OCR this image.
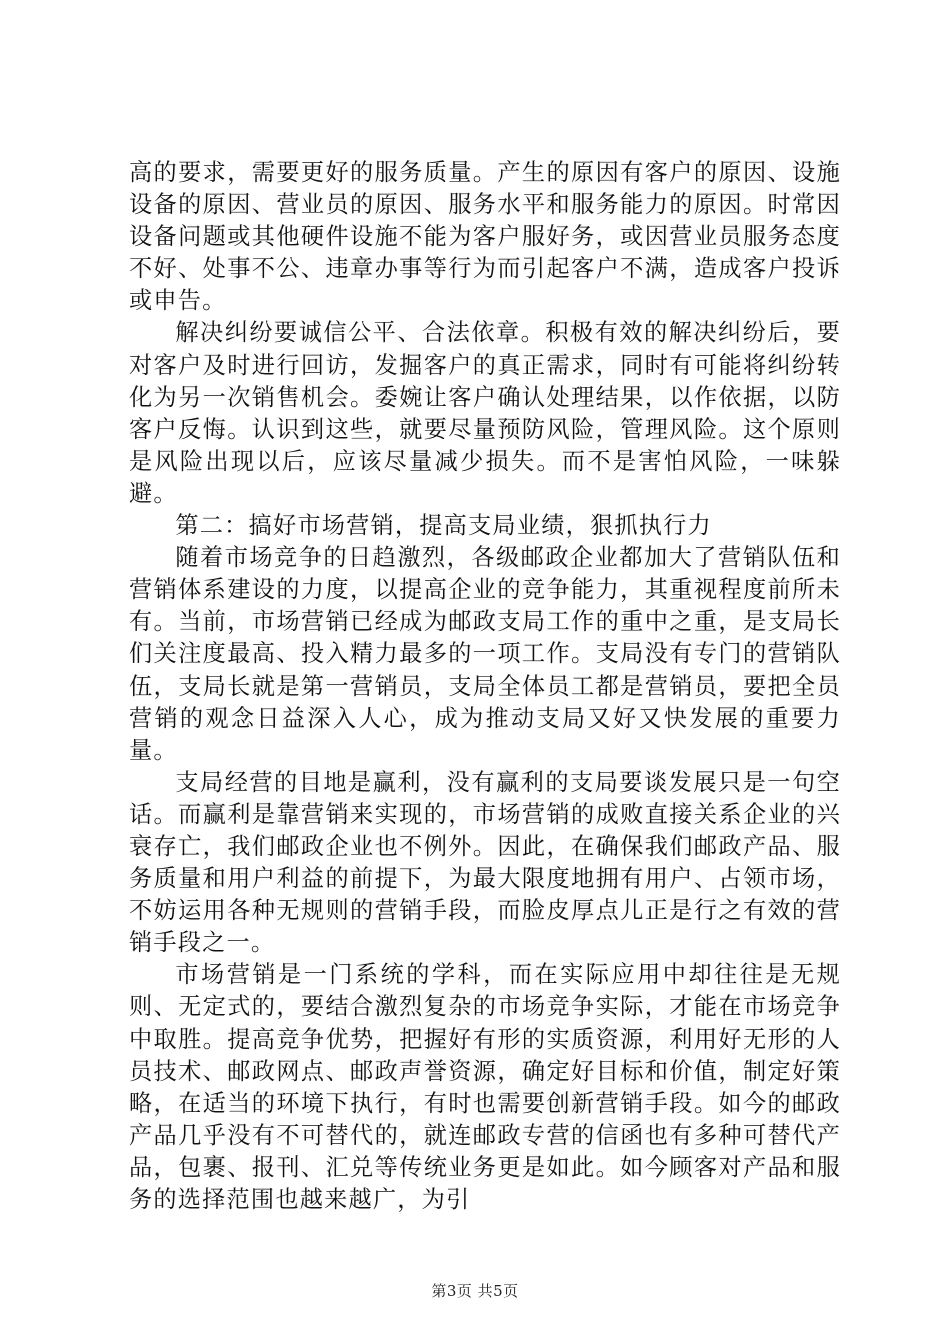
高的要求，需要更好的服务质量。产生的原因有客户的原因、设施设备的原因、营业员的原因、服务水平和服务能力的原因。时常因设备问题或其他硬件设施不能为客户服好务，或因营业员服务态度不好、处事不公、违章办事等行为而引起客户不满，造成客户投诉或申告。

解决纠纷要诚信公平、合法依章。积极有效的解决纠纷后，要对客户及时进行回访，发掘客户的真正需求，同时有可能将纠纷转化为另一次销售机会。委婉让客户确认处理结果，以作依据，以防客户反悔。认识到这些，就要尽量预防风险，管理风险。这个原则是风险出现以后，应该尽量减少损失。而不是害怕风险，一味躲避。

第二：搞好市场营销，提高支局业绩，狠抓执行力

随着市场竞争的日趋激烈，各级邮政企业都加大了营销队伍和营销体系建设的力度，以提高企业的竞争能力，其重视程度前所未有。当前，市场营销已经成为邮政支局工作的重中之重，是支局长们关注度最高、投入精力最多的一项工作。支局没有专门的营销队伍，支局长就是第一营销员，支局全体员工都是营销员，要把全员营销的观念日益深入人心，成为推动支局又好又快发展的重要力量。

支局经营的目地是赢利，没有赢利的支局要谈发展只是一句空话。而赢利是靠营销来实现的，市场营销的成败直接关系企业的兴衰存亡，我们邮政企业也不例外。因此，在确保我们邮政产品、服务质量和用户利益的前提下，为最大限度地拥有用户、占领市场，不妨运用各种无规则的营销手段，而脸皮厚点儿正是行之有效的营销手段之一。

市场营销是一门系统的学科，而在实际应用中却往往是无规则、无定式的，要结合激烈复杂的市场竞争实际，才能在市场竞争中取胜。提高竞争优势，把握好有形的实质资源，利用好无形的人员技术、邮政网点、邮政声誉资源，确定好目标和价值，制定好策略，在适当的环境下执行，有时也需要创新营销手段。如今的邮政产品几乎没有不可替代的，就连邮政专营的信函也有多种可替代产品，包裹、报刊、汇兑等传统业务更是如此。如今顾客对产品和服务的选择范围也越来越广，为引

第3页 共5页
